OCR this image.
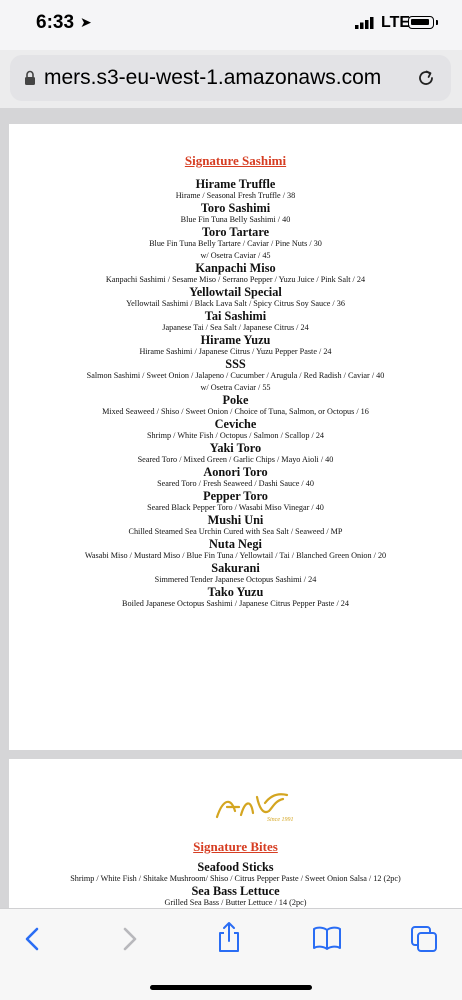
6:33 ➤	LTE
mers.s3-eu-west-1.amazonaws.com
Signature Sashimi
Hirame Truffle
Hirame / Seasonal Fresh Truffle / 38
Toro Sashimi
Blue Fin Tuna Belly Sashimi / 40
Toro Tartare
Blue Fin Tuna Belly Tartare / Caviar / Pine Nuts / 30
w/ Osetra Caviar / 45
Kanpachi Miso
Kanpachi Sashimi / Sesame Miso / Serrano Pepper / Yuzu Juice / Pink Salt / 24
Yellowtail Special
Yellowtail Sashimi / Black Lava Salt / Spicy Citrus Soy Sauce / 36
Tai Sashimi
Japanese Tai / Sea Salt / Japanese Citrus / 24
Hirame Yuzu
Hirame Sashimi / Japanese Citrus / Yuzu Pepper Paste / 24
SSS
Salmon Sashimi / Sweet Onion / Jalapeno / Cucumber / Arugula / Red Radish / Caviar / 40
w/ Osetra Caviar / 55
Poke
Mixed Seaweed / Shiso / Sweet Onion / Choice of Tuna, Salmon, or Octopus / 16
Ceviche
Shrimp / White Fish / Octopus / Salmon / Scallop / 24
Yaki Toro
Seared Toro / Mixed Green / Garlic Chips / Mayo Aioli / 40
Aonori Toro
Seared Toro / Fresh Seaweed / Dashi Sauce / 40
Pepper Toro
Seared Black Pepper Toro / Wasabi Miso Vinegar / 40
Mushi Uni
Chilled Steamed Sea Urchin Cured with Sea Salt / Seaweed / MP
Nuta Negi
Wasabi Miso / Mustard Miso / Blue Fin Tuna / Yellowtail / Tai / Blanched Green Onion / 20
Sakurani
Simmered Tender Japanese Octopus Sashimi / 24
Tako Yuzu
Boiled Japanese Octopus Sashimi / Japanese Citrus Pepper Paste / 24
Since 1991
Signature Bites
Seafood Sticks
Shrimp / White Fish / Shitake Mushroom/ Shiso / Citrus Pepper Paste / Sweet Onion Salsa / 12 (2pc)
Sea Bass Lettuce
Grilled Sea Bass / Butter Lettuce / 14 (2pc)
